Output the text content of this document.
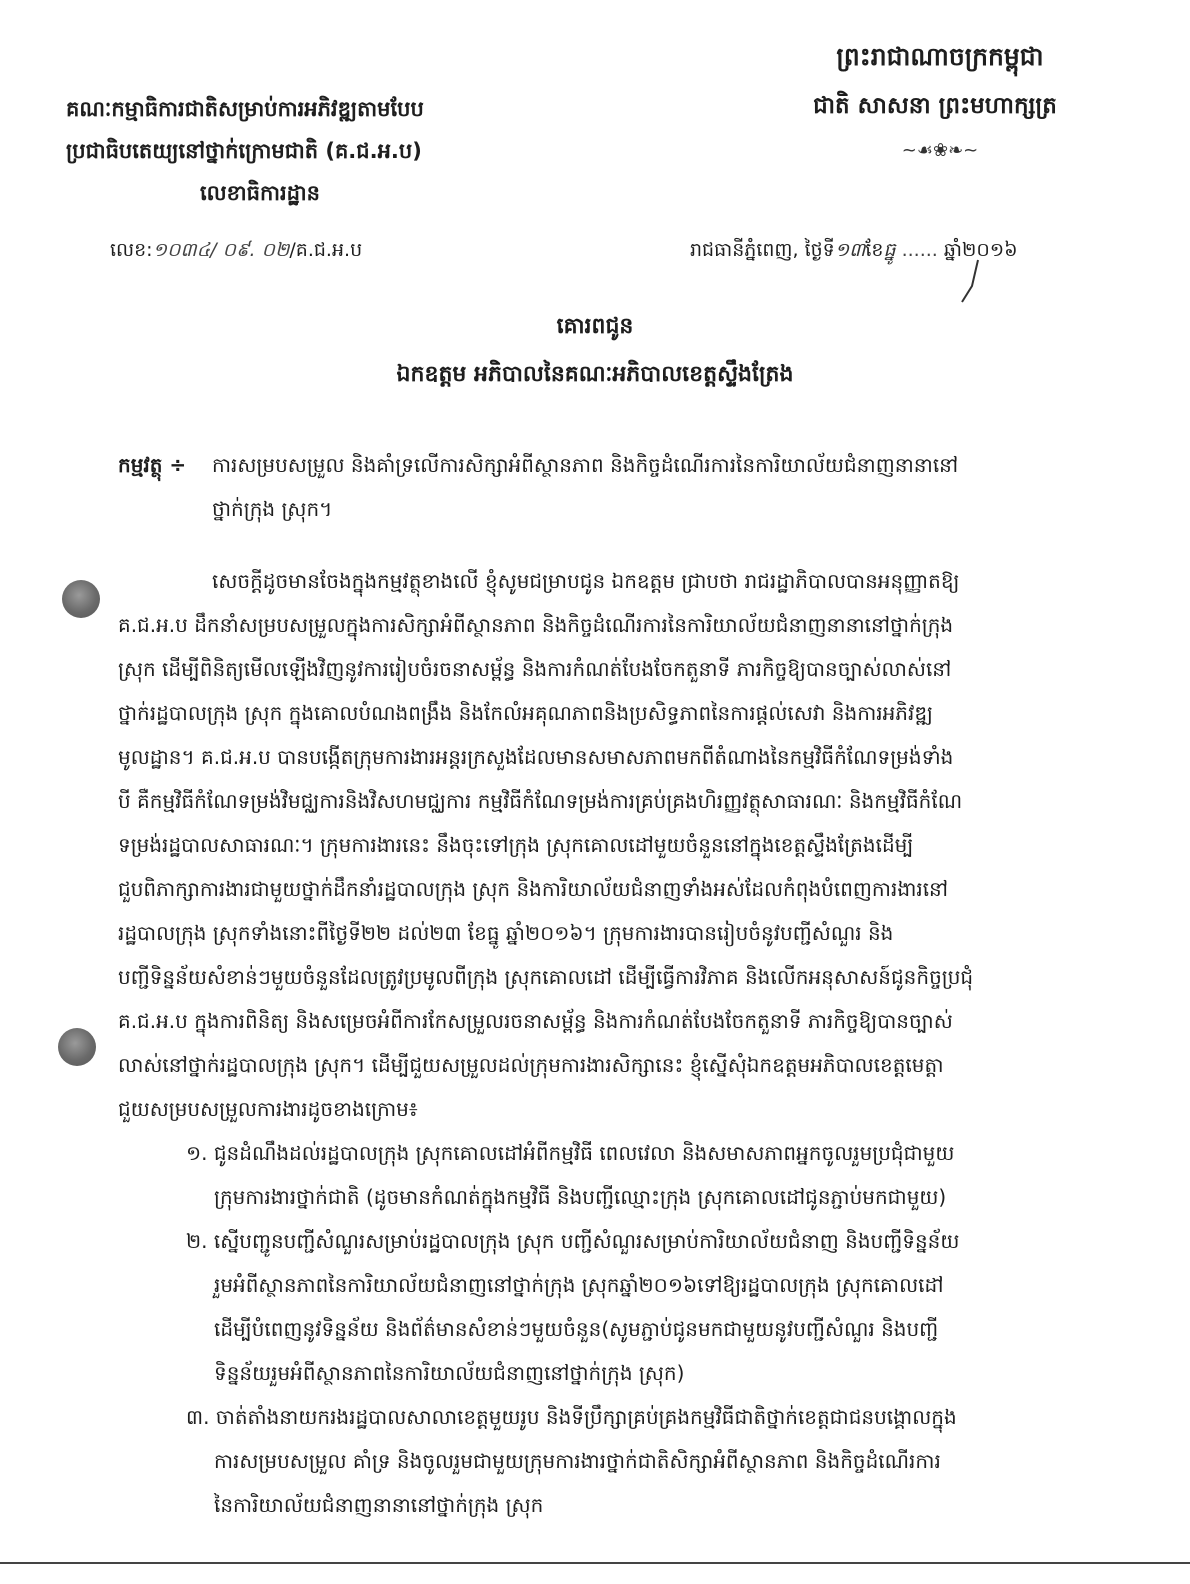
ព្រះរាជាណាចក្រកម្ពុជា
ជាតិ សាសនា ព្រះមហាក្សត្រ
~☙❀❧~
គណៈកម្មាធិការជាតិសម្រាប់ការអភិវឌ្ឍតាមបែប
ប្រជាធិបតេយ្យនៅថ្នាក់ក្រោមជាតិ (គ.ជ.អ.ប)
លេខាធិការដ្ឋាន
លេខ:១០៣៤/ ០៩. ០២/គ.ជ.អ.ប	រាជធានីភ្នំពេញ, ថ្ងៃទី១៣ខែធ្នូ ...... ឆ្នាំ២០១៦
គោរពជូន
ឯកឧត្តម អភិបាលនៃគណៈអភិបាលខេត្តស្ទឹងត្រែង
កម្មវត្ថុ ÷ ការសម្របសម្រួល និងគាំទ្រលើការសិក្សាអំពីស្ថានភាព និងកិច្ចដំណើរការនៃការិយាល័យជំនាញនានានៅ
ថ្នាក់ក្រុង ស្រុក។
សេចក្ដីដូចមានចែងក្នុងកម្មវត្ថុខាងលើ ខ្ញុំសូមជម្រាបជូន ឯកឧត្តម ជ្រាបថា រាជរដ្ឋាភិបាលបានអនុញ្ញាតឱ្យ
គ.ជ.អ.ប ដឹកនាំសម្របសម្រួលក្នុងការសិក្សាអំពីស្ថានភាព និងកិច្ចដំណើរការនៃការិយាល័យជំនាញនានានៅថ្នាក់ក្រុង
ស្រុក ដើម្បីពិនិត្យមើលឡើងវិញនូវការរៀបចំរចនាសម្ព័ន្ធ និងការកំណត់បែងចែកតួនាទី ភារកិច្ចឱ្យបានច្បាស់លាស់នៅ
ថ្នាក់រដ្ឋបាលក្រុង ស្រុក ក្នុងគោលបំណងពង្រឹង និងកែលំអគុណភាពនិងប្រសិទ្ធភាពនៃការផ្តល់សេវា និងការអភិវឌ្ឍ
មូលដ្ឋាន។ គ.ជ.អ.ប បានបង្កើតក្រុមការងារអន្តរក្រសួងដែលមានសមាសភាពមកពីតំណាងនៃកម្មវិធីកំណែទម្រង់ទាំង
បី គឺកម្មវិធីកំណែទម្រង់វិមជ្ឈការនិងវិសហមជ្ឈការ កម្មវិធីកំណែទម្រង់ការគ្រប់គ្រងហិរញ្ញវត្ថុសាធារណៈ និងកម្មវិធីកំណែ
ទម្រង់រដ្ឋបាលសាធារណៈ។ ក្រុមការងារនេះ នឹងចុះទៅក្រុង ស្រុកគោលដៅមួយចំនួននៅក្នុងខេត្តស្ទឹងត្រែងដើម្បី
ជួបពិភាក្សាការងារជាមួយថ្នាក់ដឹកនាំរដ្ឋបាលក្រុង ស្រុក និងការិយាល័យជំនាញទាំងអស់ដែលកំពុងបំពេញការងារនៅ
រដ្ឋបាលក្រុង ស្រុកទាំងនោះពីថ្ងៃទី២២ ដល់២៣ ខែធ្នូ ឆ្នាំ២០១៦។ ក្រុមការងារបានរៀបចំនូវបញ្ជីសំណួរ និង
បញ្ជីទិន្នន័យសំខាន់ៗមួយចំនួនដែលត្រូវប្រមូលពីក្រុង ស្រុកគោលដៅ ដើម្បីធ្វើការវិភាគ និងលើកអនុសាសន៍ជូនកិច្ចប្រជុំ
គ.ជ.អ.ប ក្នុងការពិនិត្យ និងសម្រេចអំពីការកែសម្រួលរចនាសម្ព័ន្ធ និងការកំណត់បែងចែកតួនាទី ភារកិច្ចឱ្យបានច្បាស់
លាស់នៅថ្នាក់រដ្ឋបាលក្រុង ស្រុក។ ដើម្បីជួយសម្រួលដល់ក្រុមការងារសិក្សានេះ ខ្ញុំស្នើសុំឯកឧត្តមអភិបាលខេត្តមេត្តា
ជួយសម្របសម្រួលការងារដូចខាងក្រោម៖
១. ជូនដំណឹងដល់រដ្ឋបាលក្រុង ស្រុកគោលដៅអំពីកម្មវិធី ពេលវេលា និងសមាសភាពអ្នកចូលរួមប្រជុំជាមួយ
ក្រុមការងារថ្នាក់ជាតិ (ដូចមានកំណត់ក្នុងកម្មវិធី និងបញ្ជីឈ្មោះក្រុង ស្រុកគោលដៅជូនភ្ជាប់មកជាមួយ)
២. ស្នើបញ្ជូនបញ្ជីសំណួរសម្រាប់រដ្ឋបាលក្រុង ស្រុក បញ្ជីសំណួរសម្រាប់ការិយាល័យជំនាញ និងបញ្ជីទិន្នន័យ
រួមអំពីស្ថានភាពនៃការិយាល័យជំនាញនៅថ្នាក់ក្រុង ស្រុកឆ្នាំ២០១៦ទៅឱ្យរដ្ឋបាលក្រុង ស្រុកគោលដៅ
ដើម្បីបំពេញនូវទិន្នន័យ និងព័ត៌មានសំខាន់ៗមួយចំនួន(សូមភ្ជាប់ជូនមកជាមួយនូវបញ្ជីសំណួរ និងបញ្ជី
ទិន្នន័យរួមអំពីស្ថានភាពនៃការិយាល័យជំនាញនៅថ្នាក់ក្រុង ស្រុក)
៣. ចាត់តាំងនាយករងរដ្ឋបាលសាលាខេត្តមួយរូប និងទីប្រឹក្សាគ្រប់គ្រងកម្មវិធីជាតិថ្នាក់ខេត្តជាជនបង្គោលក្នុង
ការសម្របសម្រួល គាំទ្រ និងចូលរួមជាមួយក្រុមការងារថ្នាក់ជាតិសិក្សាអំពីស្ថានភាព និងកិច្ចដំណើរការ
នៃការិយាល័យជំនាញនានានៅថ្នាក់ក្រុង ស្រុក
